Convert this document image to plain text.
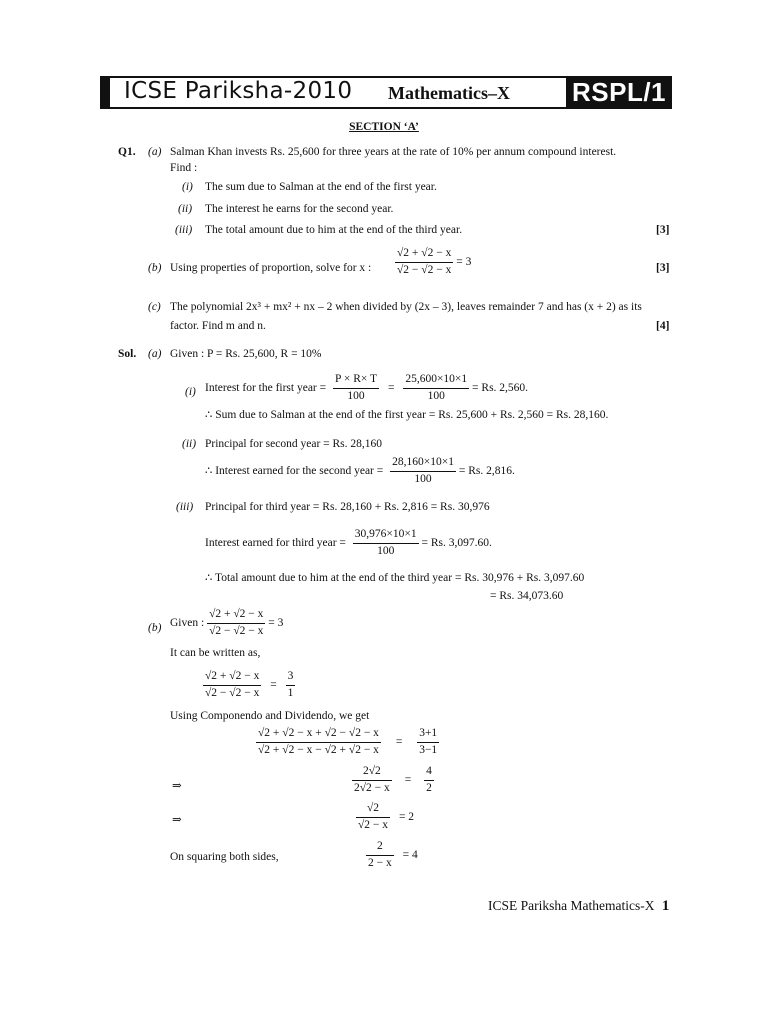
ICSE Pariksha-2010 Mathematics–X RSPL/1
SECTION ‘A’
Q1. (a) Salman Khan invests Rs. 25,600 for three years at the rate of 10% per annum compound interest.
Find :
(i) The sum due to Salman at the end of the first year.
(ii) The interest he earns for the second year.
(iii) The total amount due to him at the end of the third year.	[3]
(b) Using properties of proportion, solve for x : $\frac{√2 + √2 - x}{√2 - √2 - x} = 3$
[3]
(c) The polynomial 2x³ + mx² + nx – 2 when divided by (2x – 3), leaves remainder 7 and has (x + 2) as its
factor. Find m and n.	[4]
Sol. (a) Given : P = Rs. 25,600, R = 10%
(i) Interest for the first year = $\frac{P \times R\times T}{100} = \frac{25,600\times 10\times 1}{100} = Rs$. 2,560.
∴ Sum due to Salman at the end of the first year = Rs. 25,600 + Rs. 2,560 = Rs. 28,160.
(ii) Principal for second year = Rs. 28,160
∴ Interest earned for the second year = $\frac{28,160\times 10\times 1}{100} = Rs$. 2,816.
(iii) Principal for third year = Rs. 28,160 + Rs. 2,816 = Rs. 30,976
Interest earned for third year = $\frac{30,976\times 10\times 1}{100} = Rs$. 3,097.60.
∴ Total amount due to him at the end of the third year = Rs. 30,976 + Rs. 3,097.60
= Rs. 34,073.60
(b) Given : $\frac{√2 + √2 - x}{√2 - √2 - x} = 3$
It can be written as,
$\frac{√2 + √2 - x}{√2 - √2 - x} = \frac{3}{1}$
Using Componendo and Dividendo, we get
$\frac{√2 + √2 - x + √2 - √2 - x}{√2 + √2 - x - √2 + √2 - x} = \frac{3+1}{3-1}$
⇒	$\frac{2√2}{2√2 - x} = \frac{4}{2}$
⇒	$\frac{√2}{√2 - x} = 2$
On squaring both sides,	$\frac{2}{2 - x} = 4$
ICSE Pariksha Mathematics-X 1
